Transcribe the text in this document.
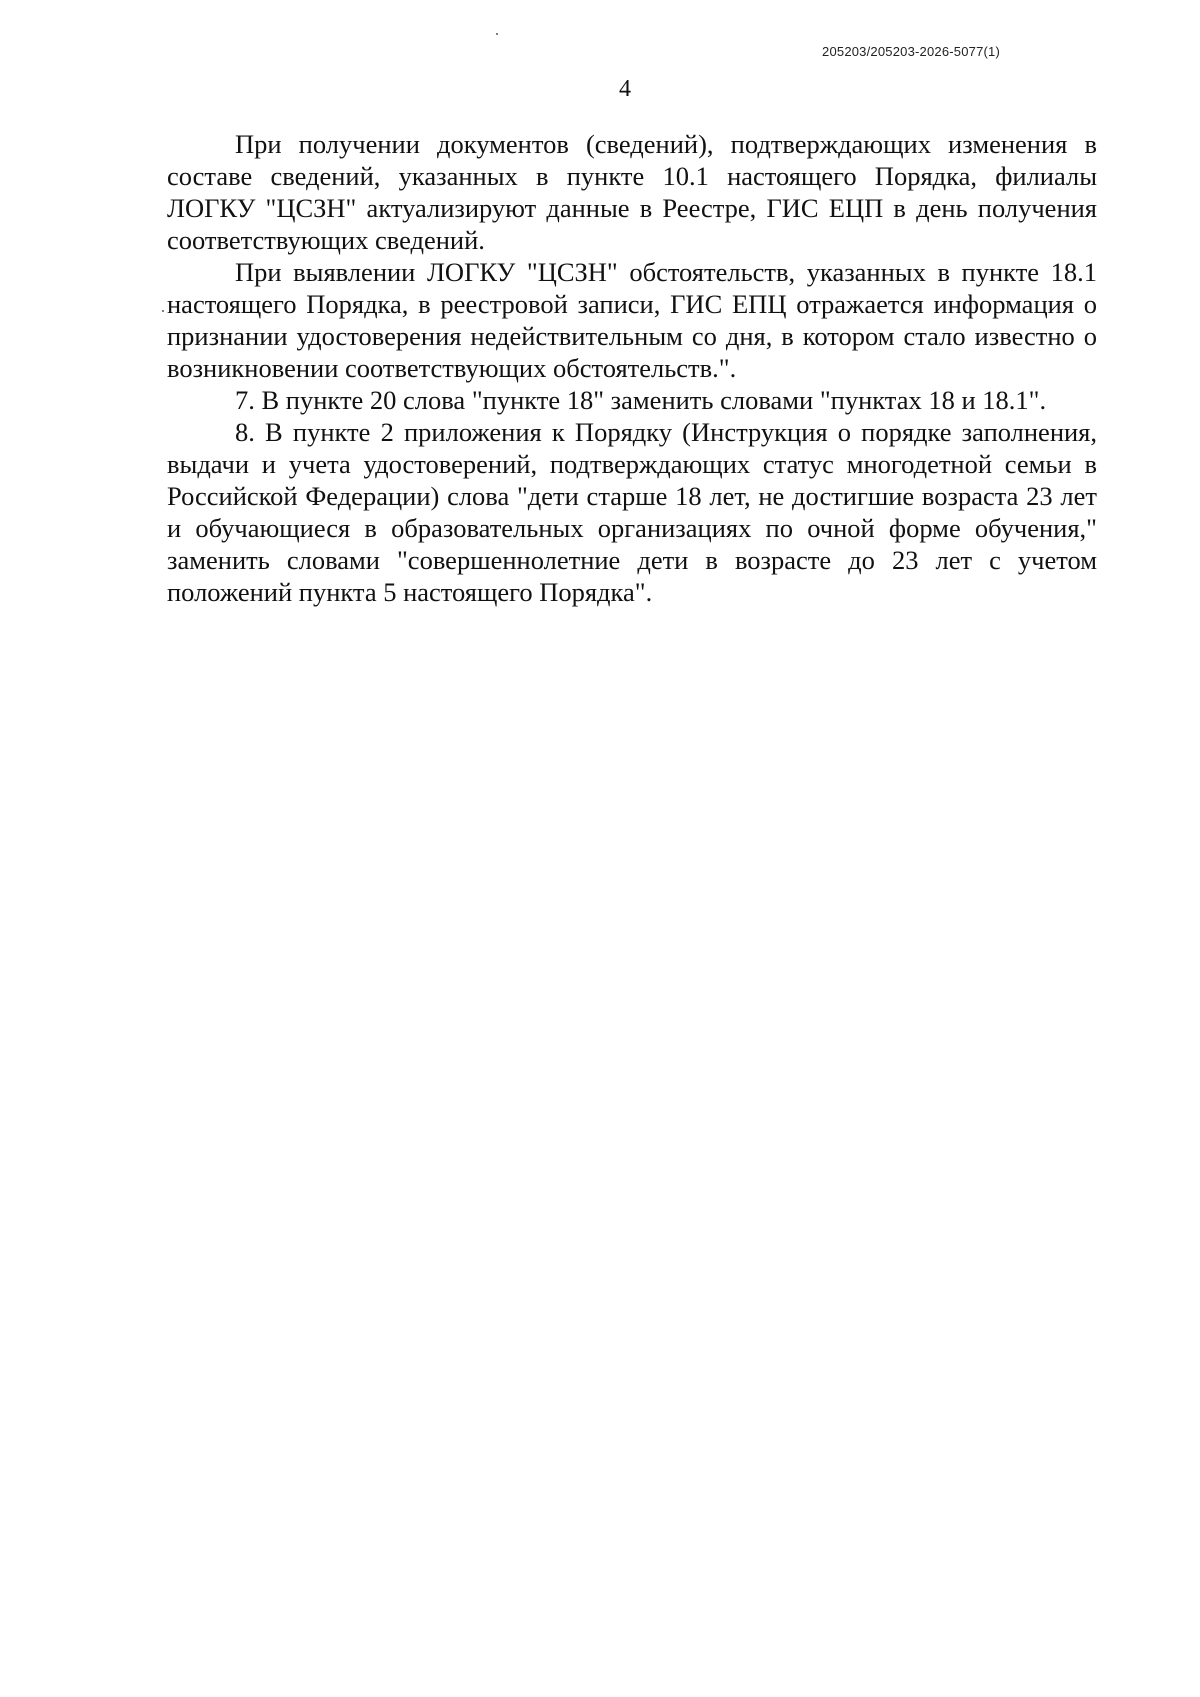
205203/205203-2026-5077(1)
4

При получении документов (сведений), подтверждающих изменения в составе сведений, указанных в пункте 10.1 настоящего Порядка, филиалы ЛОГКУ "ЦСЗН" актуализируют данные в Реестре, ГИС ЕЦП в день получения соответствующих сведений.

При выявлении ЛОГКУ "ЦСЗН" обстоятельств, указанных в пункте 18.1 настоящего Порядка, в реестровой записи, ГИС ЕПЦ отражается информация о признании удостоверения недействительным со дня, в котором стало известно о возникновении соответствующих обстоятельств.".

7. В пункте 20 слова "пункте 18" заменить словами "пунктах 18 и 18.1".

8. В пункте 2 приложения к Порядку (Инструкция о порядке заполнения, выдачи и учета удостоверений, подтверждающих статус многодетной семьи в Российской Федерации) слова "дети старше 18 лет, не достигшие возраста 23 лет и обучающиеся в образовательных организациях по очной форме обучения," заменить словами "совершеннолетние дети в возрасте до 23 лет с учетом положений пункта 5 настоящего Порядка".
